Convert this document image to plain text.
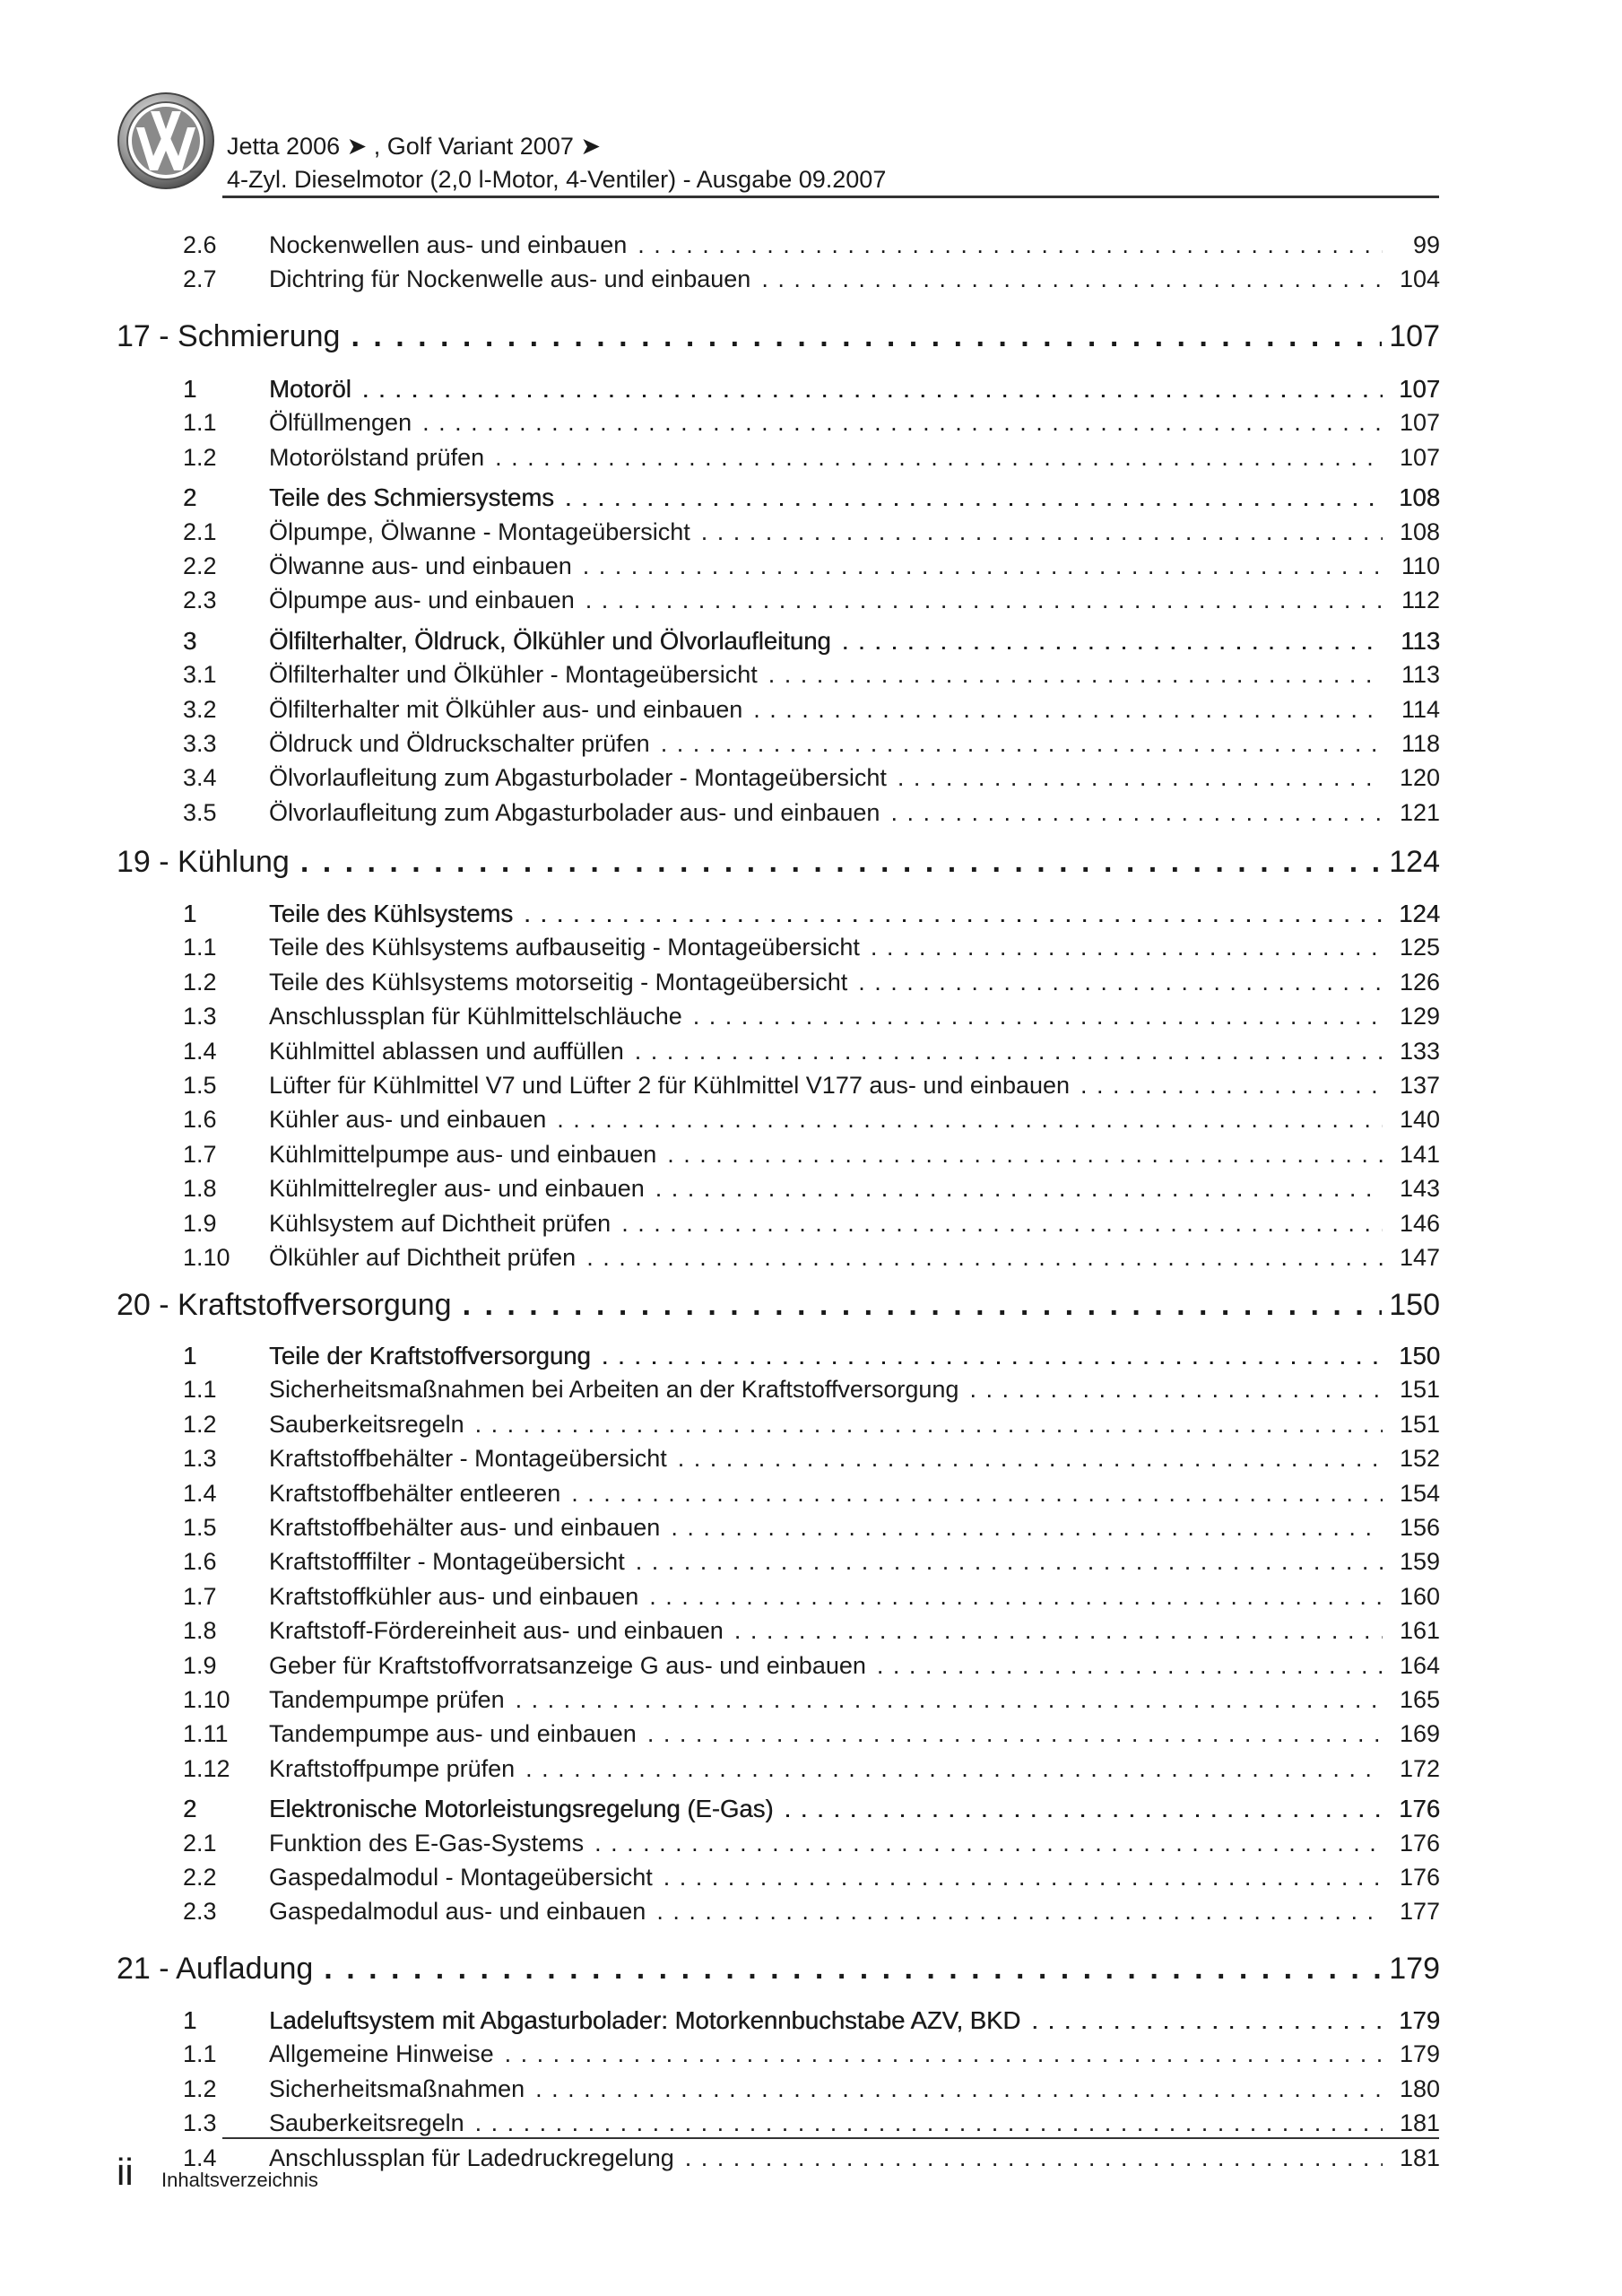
Jetta 2006 ➤ , Golf Variant 2007 ➤
4-Zyl. Dieselmotor (2,0 l-Motor, 4-Ventiler) - Ausgabe 09.2007
2.6	Nockenwellen aus- und einbauen . . .	99
2.7	Dichtring für Nockenwelle aus- und einbauen . . .	104
17 - Schmierung . . .	107
1	Motoröl . . .	107
1.1	Ölfüllmengen . . .	107
1.2	Motorölstand prüfen . . .	107
2	Teile des Schmiersystems . . .	108
2.1	Ölpumpe, Ölwanne - Montageübersicht . . .	108
2.2	Ölwanne aus- und einbauen . . .	110
2.3	Ölpumpe aus- und einbauen . . .	112
3	Ölfilterhalter, Öldruck, Ölkühler und Ölvorlaufleitung . . .	113
3.1	Ölfilterhalter und Ölkühler - Montageübersicht . . .	113
3.2	Ölfilterhalter mit Ölkühler aus- und einbauen . . .	114
3.3	Öldruck und Öldruckschalter prüfen . . .	118
3.4	Ölvorlaufleitung zum Abgasturbolader - Montageübersicht . . .	120
3.5	Ölvorlaufleitung zum Abgasturbolader aus- und einbauen . . .	121
19 - Kühlung . . .	124
1	Teile des Kühlsystems . . .	124
1.1	Teile des Kühlsystems aufbauseitig - Montageübersicht . . .	125
1.2	Teile des Kühlsystems motorseitig - Montageübersicht . . .	126
1.3	Anschlussplan für Kühlmittelschläuche . . .	129
1.4	Kühlmittel ablassen und auffüllen . . .	133
1.5	Lüfter für Kühlmittel V7 und Lüfter 2 für Kühlmittel V177 aus- und einbauen . . .	137
1.6	Kühler aus- und einbauen . . .	140
1.7	Kühlmittelpumpe aus- und einbauen . . .	141
1.8	Kühlmittelregler aus- und einbauen . . .	143
1.9	Kühlsystem auf Dichtheit prüfen . . .	146
1.10	Ölkühler auf Dichtheit prüfen . . .	147
20 - Kraftstoffversorgung . . .	150
1	Teile der Kraftstoffversorgung . . .	150
1.1	Sicherheitsmaßnahmen bei Arbeiten an der Kraftstoffversorgung . . .	151
1.2	Sauberkeitsregeln . . .	151
1.3	Kraftstoffbehälter - Montageübersicht . . .	152
1.4	Kraftstoffbehälter entleeren . . .	154
1.5	Kraftstoffbehälter aus- und einbauen . . .	156
1.6	Kraftstofffilter - Montageübersicht . . .	159
1.7	Kraftstoffkühler aus- und einbauen . . .	160
1.8	Kraftstoff-Fördereinheit aus- und einbauen . . .	161
1.9	Geber für Kraftstoffvorratsanzeige G aus- und einbauen . . .	164
1.10	Tandempumpe prüfen . . .	165
1.11	Tandempumpe aus- und einbauen . . .	169
1.12	Kraftstoffpumpe prüfen . . .	172
2	Elektronische Motorleistungsregelung (E-Gas) . . .	176
2.1	Funktion des E-Gas-Systems . . .	176
2.2	Gaspedalmodul - Montageübersicht . . .	176
2.3	Gaspedalmodul aus- und einbauen . . .	177
21 - Aufladung . . .	179
1	Ladeluftsystem mit Abgasturbolader: Motorkennbuchstabe AZV, BKD . . .	179
1.1	Allgemeine Hinweise . . .	179
1.2	Sicherheitsmaßnahmen . . .	180
1.3	Sauberkeitsregeln . . .	181
1.4	Anschlussplan für Ladedruckregelung . . .	181
ii Inhaltsverzeichnis
